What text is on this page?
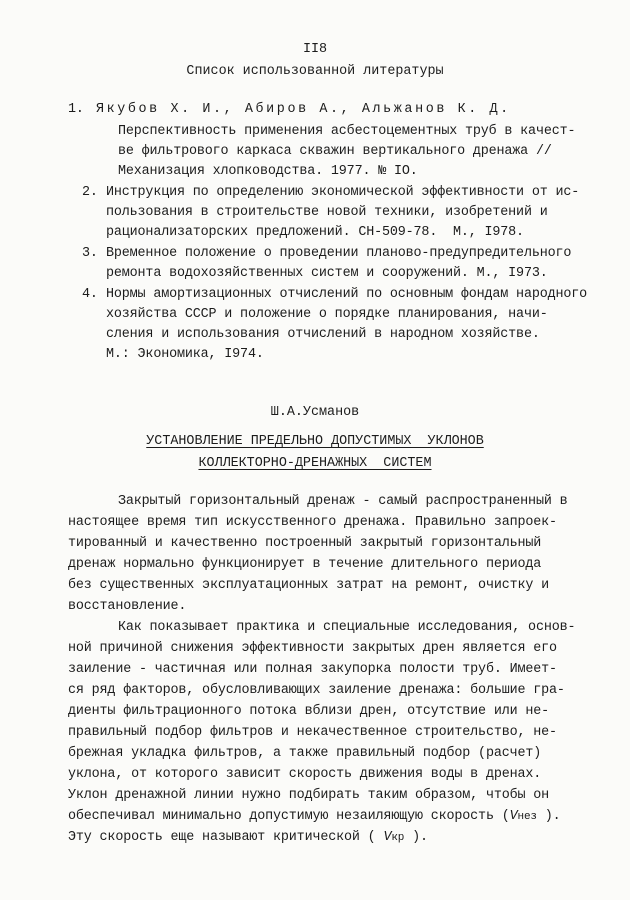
II8
Список использованной литературы
1. Якубов Х. И., Абиров А., Альжанов К. Д.
Перспективность применения асбестоцементных труб в качест-
ве фильтрового каркаса скважин вертикального дренажа //
Механизация хлопководства. 1977. № IO.
2. Инструкция по определению экономической эффективности от ис-
пользования в строительстве новой техники, изобретений и
рационализаторских предложений. СН-509-78.  М., I978.
3. Временное положение о проведении планово-предупредительного
ремонта водохозяйственных систем и сооружений. М., I973.
4. Нормы амортизационных отчислений по основным фондам народного
хозяйства СССР и положение о порядке планирования, начи-
сления и использования отчислений в народном хозяйстве.
М.: Экономика, I974.
Ш.А.Усманов
УСТАНОВЛЕНИЕ ПРЕДЕЛЬНО ДОПУСТИМЫХ  УКЛОНОВ
КОЛЛЕКТОРНО-ДРЕНАЖНЫХ  СИСТЕМ
Закрытый горизонтальный дренаж - самый распространенный в
настоящее время тип искусственного дренажа. Правильно запроек-
тированный и качественно построенный закрытый горизонтальный
дренаж нормально функционирует в течение длительного периода
без существенных эксплуатационных затрат на ремонт, очистку и
восстановление.
Как показывает практика и специальные исследования, основ-
ной причиной снижения эффективности закрытых дрен является его
заиление - частичная или полная закупорка полости труб. Имеет-
ся ряд факторов, обусловливающих заиление дренажа: большие гра-
диенты фильтрационного потока вблизи дрен, отсутствие или не-
правильный подбор фильтров и некачественное строительство, не-
брежная укладка фильтров, а также правильный подбор (расчет)
уклона, от которого зависит скорость движения воды в дренах.
Уклон дренажной линии нужно подбирать таким образом, чтобы он
обеспечивал минимально допустимую незаиляющую скорость (Vнез ).
Эту скорость еще называют критической ( Vкр ).
